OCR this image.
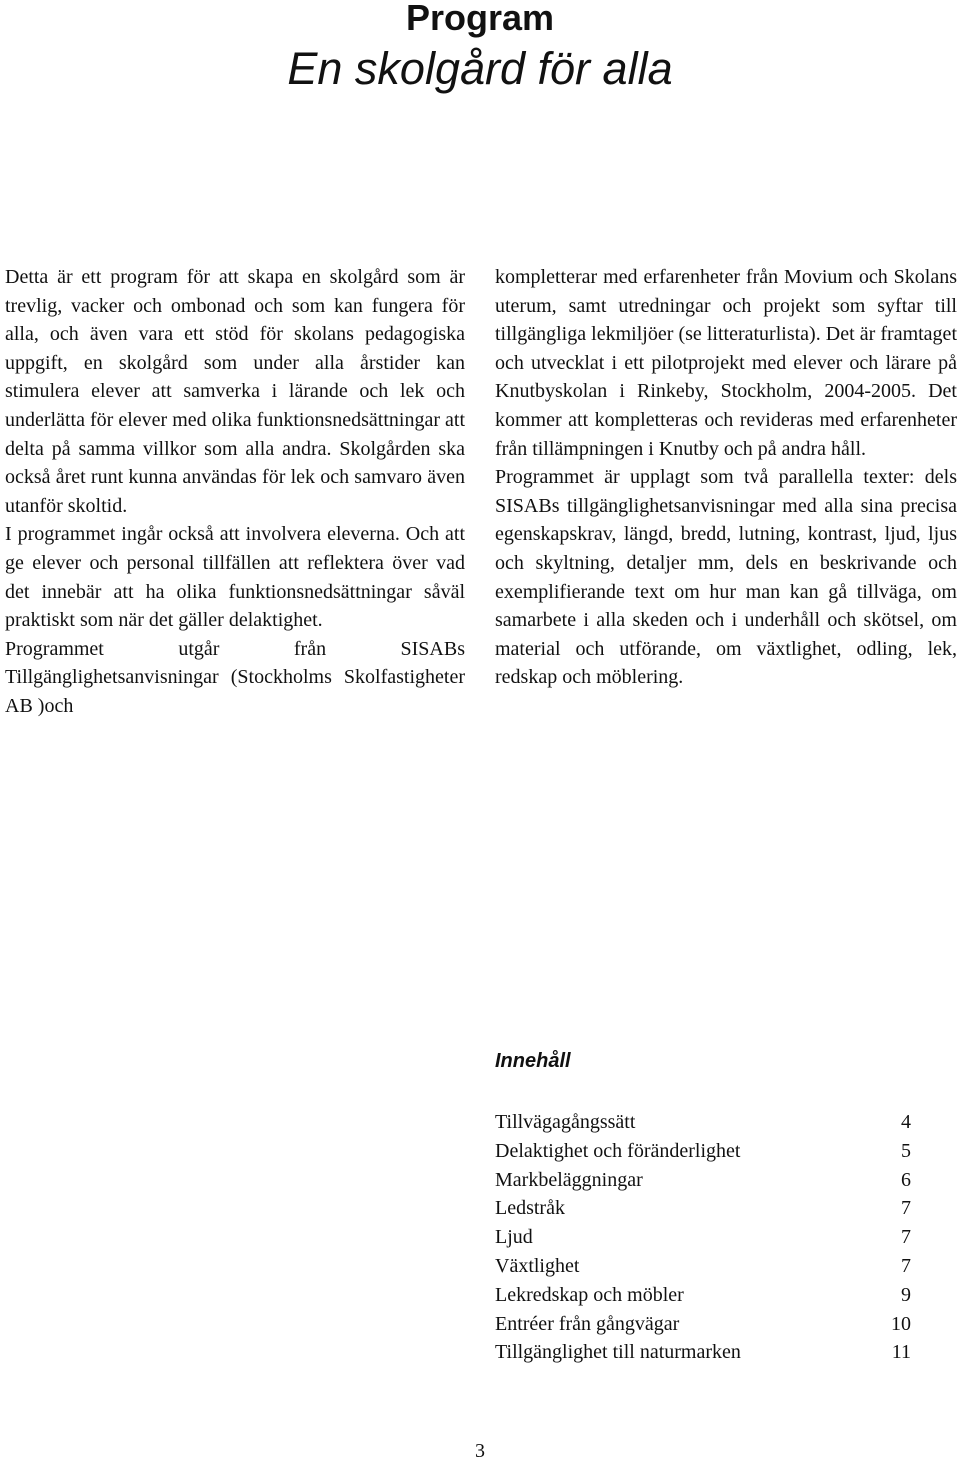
Program
En skolgård för alla

Detta är ett program för att skapa en skolgård som är trevlig, vacker och ombonad och som kan fungera för alla, och även vara ett stöd för skolans pedagogiska uppgift, en skolgård som under alla årstider kan stimulera elever att samverka i lärande och lek och underlätta för elever med olika funktionsnedsättningar att delta på samma villkor som alla andra. Skolgården ska också året runt kunna användas för lek och samvaro även utanför skoltid.

I programmet ingår också att involvera eleverna. Och att ge elever och personal tillfällen att reflektera över vad det innebär att ha olika funktionsnedsättningar såväl praktiskt som när det gäller delaktighet.

Programmet utgår från SISABs Tillgänglighetsanvisningar (Stockholms Skolfastigheter AB )och

kompletterar med erfarenheter från Movium och Skolans uterum, samt utredningar och projekt som syftar till tillgängliga lekmiljöer (se litteraturlista). Det är framtaget och utvecklat i ett pilotprojekt med elever och lärare på Knutbyskolan i Rinkeby, Stockholm, 2004-2005. Det kommer att kompletteras och revideras med erfarenheter från tillämpningen i Knutby och på andra håll.

Programmet är upplagt som två parallella texter: dels SISABs tillgänglighetsanvisningar med alla sina precisa egenskapskrav, längd, bredd, lutning, kontrast, ljud, ljus och skyltning, detaljer mm, dels en beskrivande och exemplifierande text om hur man kan gå tillväga, om samarbete i alla skeden och i underhåll och skötsel, om material och utförande, om växtlighet, odling, lek, redskap och möblering.

Innehåll
Tillvägagångssätt	4
Delaktighet och föränderlighet	5
Markbeläggningar	6
Ledstråk	7
Ljud	7
Växtlighet	7
Lekredskap och möbler	9
Entréer från gångvägar	10
Tillgänglighet till naturmarken	11
3
